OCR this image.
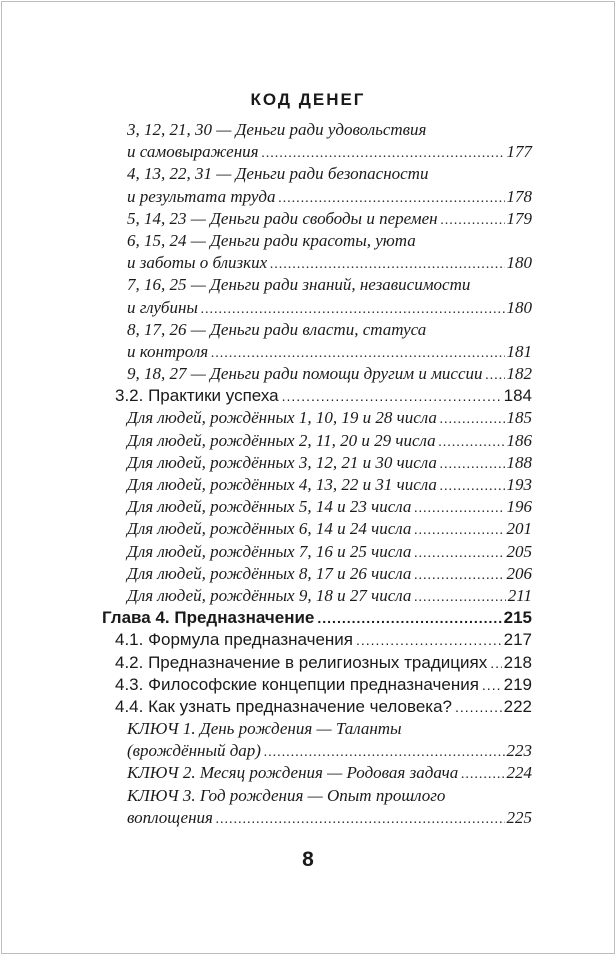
КОД ДЕНЕГ
3, 12, 21, 30 — Деньги ради удовольствия
и самовыражения .....	177
4, 13, 22, 31 — Деньги ради безопасности
и результата труда .....	178
5, 14, 23 — Деньги ради свободы и перемен .....	179
6, 15, 24 — Деньги ради красоты, уюта
и заботы о близких .....	180
7, 16, 25 — Деньги ради знаний, независимости
и глубины .....	180
8, 17, 26 — Деньги ради власти, статуса
и контроля .....	181
9, 18, 27 — Деньги ради помощи другим и миссии ..... 182
3.2. Практики успеха .....	184
Для людей, рождённых 1, 10, 19 и 28 числа .....	185
Для людей, рождённых 2, 11, 20 и 29 числа .....	186
Для людей, рождённых 3, 12, 21 и 30 числа .....	188
Для людей, рождённых 4, 13, 22 и 31 числа .....	193
Для людей, рождённых 5, 14 и 23 числа .....	196
Для людей, рождённых 6, 14 и 24 числа .....	201
Для людей, рождённых 7, 16 и 25 числа .....	205
Для людей, рождённых 8, 17 и 26 числа .....	206
Для людей, рождённых 9, 18 и 27 числа .....	211
Глава 4. Предназначение .....	215
4.1. Формула предназначения .....	217
4.2. Предназначение в религиозных традициях ..... 218
4.3. Философские концепции предназначения ..... 219
4.4. Как узнать предназначение человека? .....	222
КЛЮЧ 1. День рождения — Таланты
(врождённый дар) .....	223
КЛЮЧ 2. Месяц рождения — Родовая задача .....	224
КЛЮЧ 3. Год рождения — Опыт прошлого
воплощения .....	225
8
